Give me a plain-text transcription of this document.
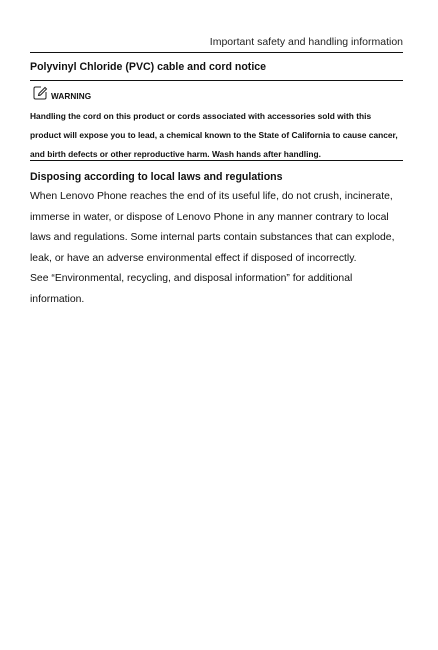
Important safety and handling information
Polyvinyl Chloride (PVC) cable and cord notice
WARNING
Handling the cord on this product or cords associated with accessories sold with this product will expose you to lead, a chemical known to the State of California to cause cancer, and birth defects or other reproductive harm. Wash hands after handling.
Disposing according to local laws and regulations

When Lenovo Phone reaches the end of its useful life, do not crush, incinerate, immerse in water, or dispose of Lenovo Phone in any manner contrary to local laws and regulations. Some internal parts contain substances that can explode, leak, or have an adverse environmental effect if disposed of incorrectly.

See “Environmental, recycling, and disposal information” for additional information.
